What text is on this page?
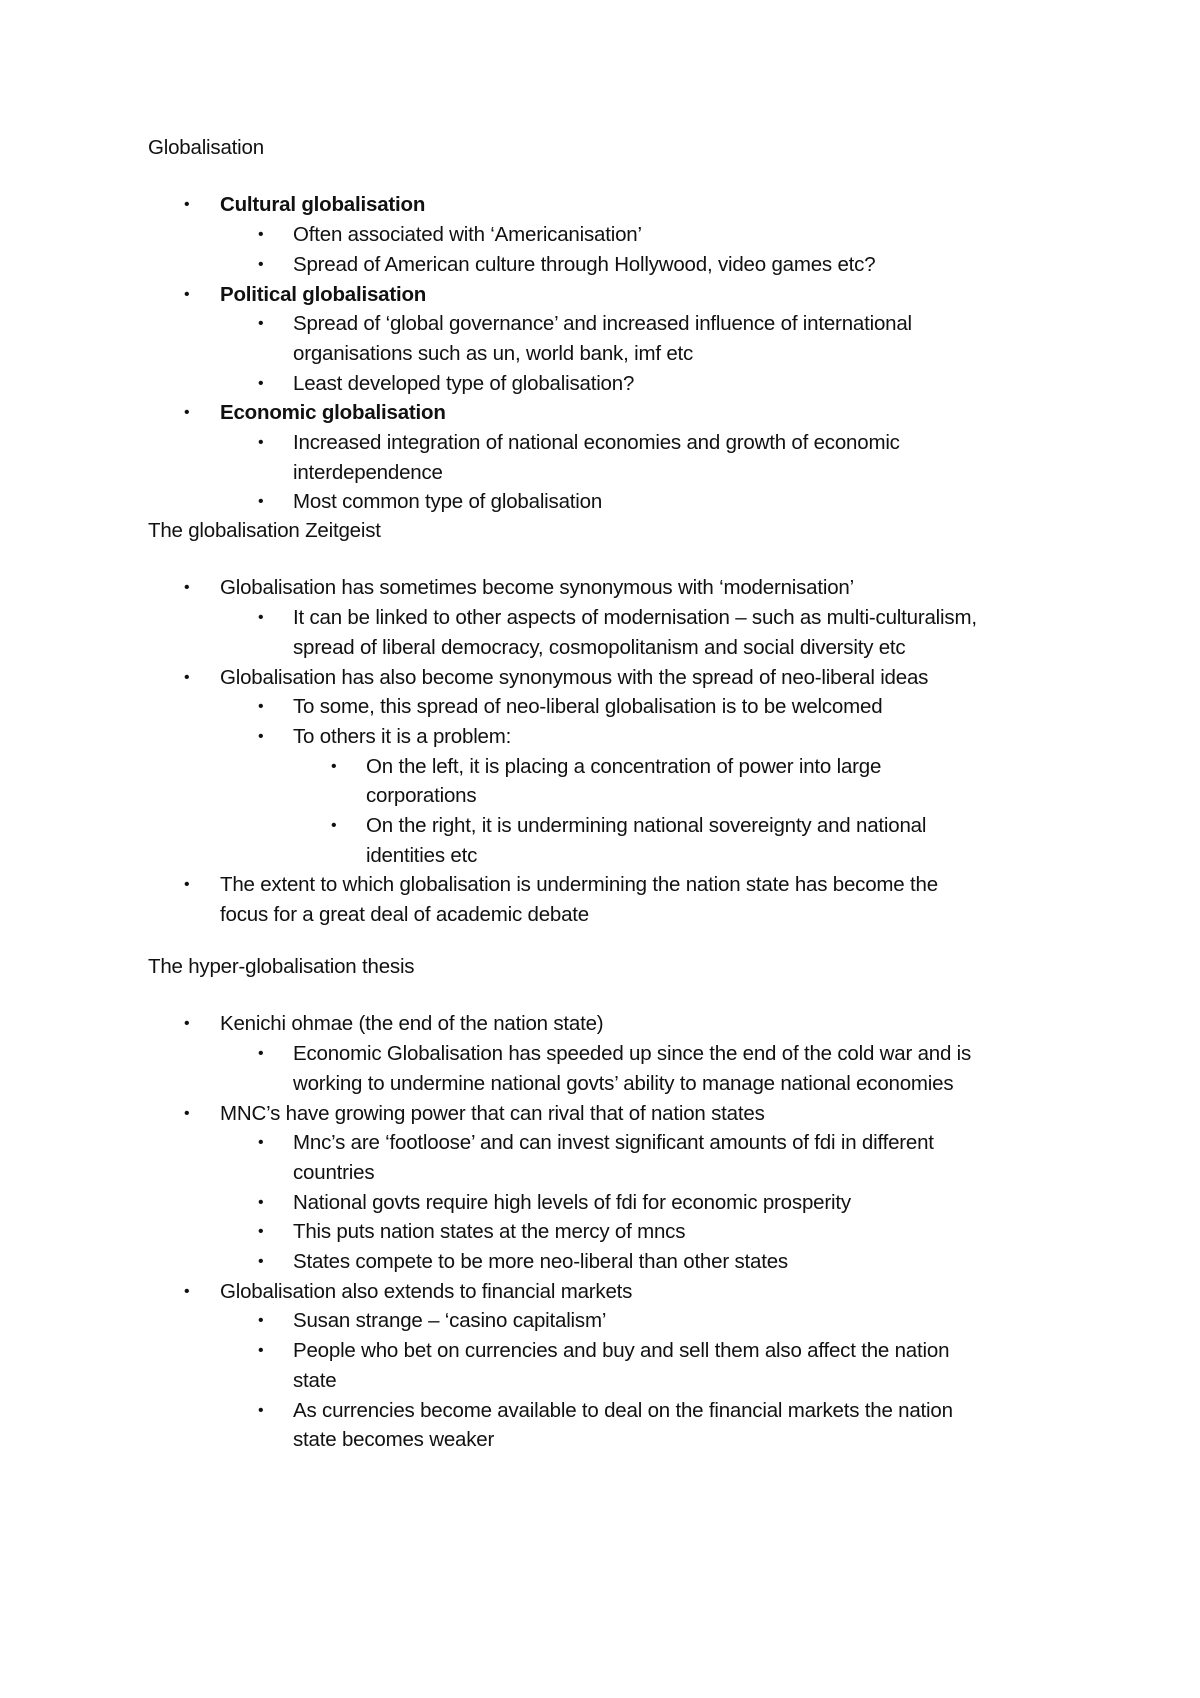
Globalisation
• Cultural globalisation
• Often associated with ‘Americanisation’
• Spread of American culture through Hollywood, video games etc?
• Political globalisation
• Spread of ‘global governance’ and increased influence of international
organisations such as un, world bank, imf etc
• Least developed type of globalisation?
• Economic globalisation
• Increased integration of national economies and growth of economic
interdependence
• Most common type of globalisation
The globalisation Zeitgeist
• Globalisation has sometimes become synonymous with ‘modernisation’
• It can be linked to other aspects of modernisation – such as multi-culturalism,
spread of liberal democracy, cosmopolitanism and social diversity etc
• Globalisation has also become synonymous with the spread of neo-liberal ideas
• To some, this spread of neo-liberal globalisation is to be welcomed
• To others it is a problem:
• On the left, it is placing a concentration of power into large
corporations
• On the right, it is undermining national sovereignty and national
identities etc
• The extent to which globalisation is undermining the nation state has become the
focus for a great deal of academic debate
The hyper-globalisation thesis
• Kenichi ohmae (the end of the nation state)
• Economic Globalisation has speeded up since the end of the cold war and is
working to undermine national govts’ ability to manage national economies
• MNC’s have growing power that can rival that of nation states
• Mnc’s are ‘footloose’ and can invest significant amounts of fdi in different
countries
• National govts require high levels of fdi for economic prosperity
• This puts nation states at the mercy of mncs
• States compete to be more neo-liberal than other states
• Globalisation also extends to financial markets
• Susan strange – ‘casino capitalism’
• People who bet on currencies and buy and sell them also affect the nation
state
• As currencies become available to deal on the financial markets the nation
state becomes weaker
